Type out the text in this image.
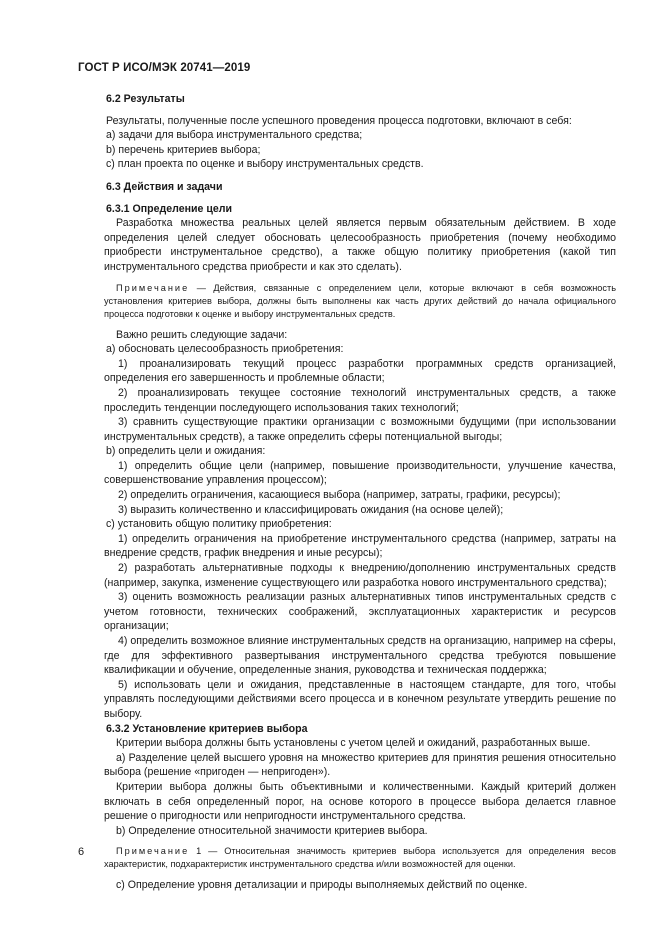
ГОСТ Р ИСО/МЭК 20741—2019
6.2 Результаты
Результаты, полученные после успешного проведения процесса подготовки, включают в себя:
a) задачи для выбора инструментального средства;
b) перечень критериев выбора;
c) план проекта по оценке и выбору инструментальных средств.
6.3 Действия и задачи
6.3.1 Определение цели
Разработка множества реальных целей является первым обязательным действием. В ходе определения целей следует обосновать целесообразность приобретения (почему необходимо приобрести инструментальное средство), а также общую политику приобретения (какой тип инструментального средства приобрести и как это сделать).
Примечание — Действия, связанные с определением цели, которые включают в себя возможность установления критериев выбора, должны быть выполнены как часть других действий до начала официального процесса подготовки к оценке и выбору инструментальных средств.
Важно решить следующие задачи:
a) обосновать целесообразность приобретения:
1) проанализировать текущий процесс разработки программных средств организацией, определения его завершенность и проблемные области;
2) проанализировать текущее состояние технологий инструментальных средств, а также проследить тенденции последующего использования таких технологий;
3) сравнить существующие практики организации с возможными будущими (при использовании инструментальных средств), а также определить сферы потенциальной выгоды;
b) определить цели и ожидания:
1) определить общие цели (например, повышение производительности, улучшение качества, совершенствование управления процессом);
2) определить ограничения, касающиеся выбора (например, затраты, графики, ресурсы);
3) выразить количественно и классифицировать ожидания (на основе целей);
c) установить общую политику приобретения:
1) определить ограничения на приобретение инструментального средства (например, затраты на внедрение средств, график внедрения и иные ресурсы);
2) разработать альтернативные подходы к внедрению/дополнению инструментальных средств (например, закупка, изменение существующего или разработка нового инструментального средства);
3) оценить возможность реализации разных альтернативных типов инструментальных средств с учетом готовности, технических соображений, эксплуатационных характеристик и ресурсов организации;
4) определить возможное влияние инструментальных средств на организацию, например на сферы, где для эффективного развертывания инструментального средства требуются повышение квалификации и обучение, определенные знания, руководства и техническая поддержка;
5) использовать цели и ожидания, представленные в настоящем стандарте, для того, чтобы управлять последующими действиями всего процесса и в конечном результате утвердить решение по выбору.
6.3.2 Установление критериев выбора
Критерии выбора должны быть установлены с учетом целей и ожиданий, разработанных выше.
a) Разделение целей высшего уровня на множество критериев для принятия решения относительно выбора (решение «пригоден — непригоден»).
Критерии выбора должны быть объективными и количественными. Каждый критерий должен включать в себя определенный порог, на основе которого в процессе выбора делается главное решение о пригодности или непригодности инструментального средства.
b) Определение относительной значимости критериев выбора.
Примечание 1 — Относительная значимость критериев выбора используется для определения весов характеристик, подхарактеристик инструментального средства и/или возможностей для оценки.
c) Определение уровня детализации и природы выполняемых действий по оценке.
6
